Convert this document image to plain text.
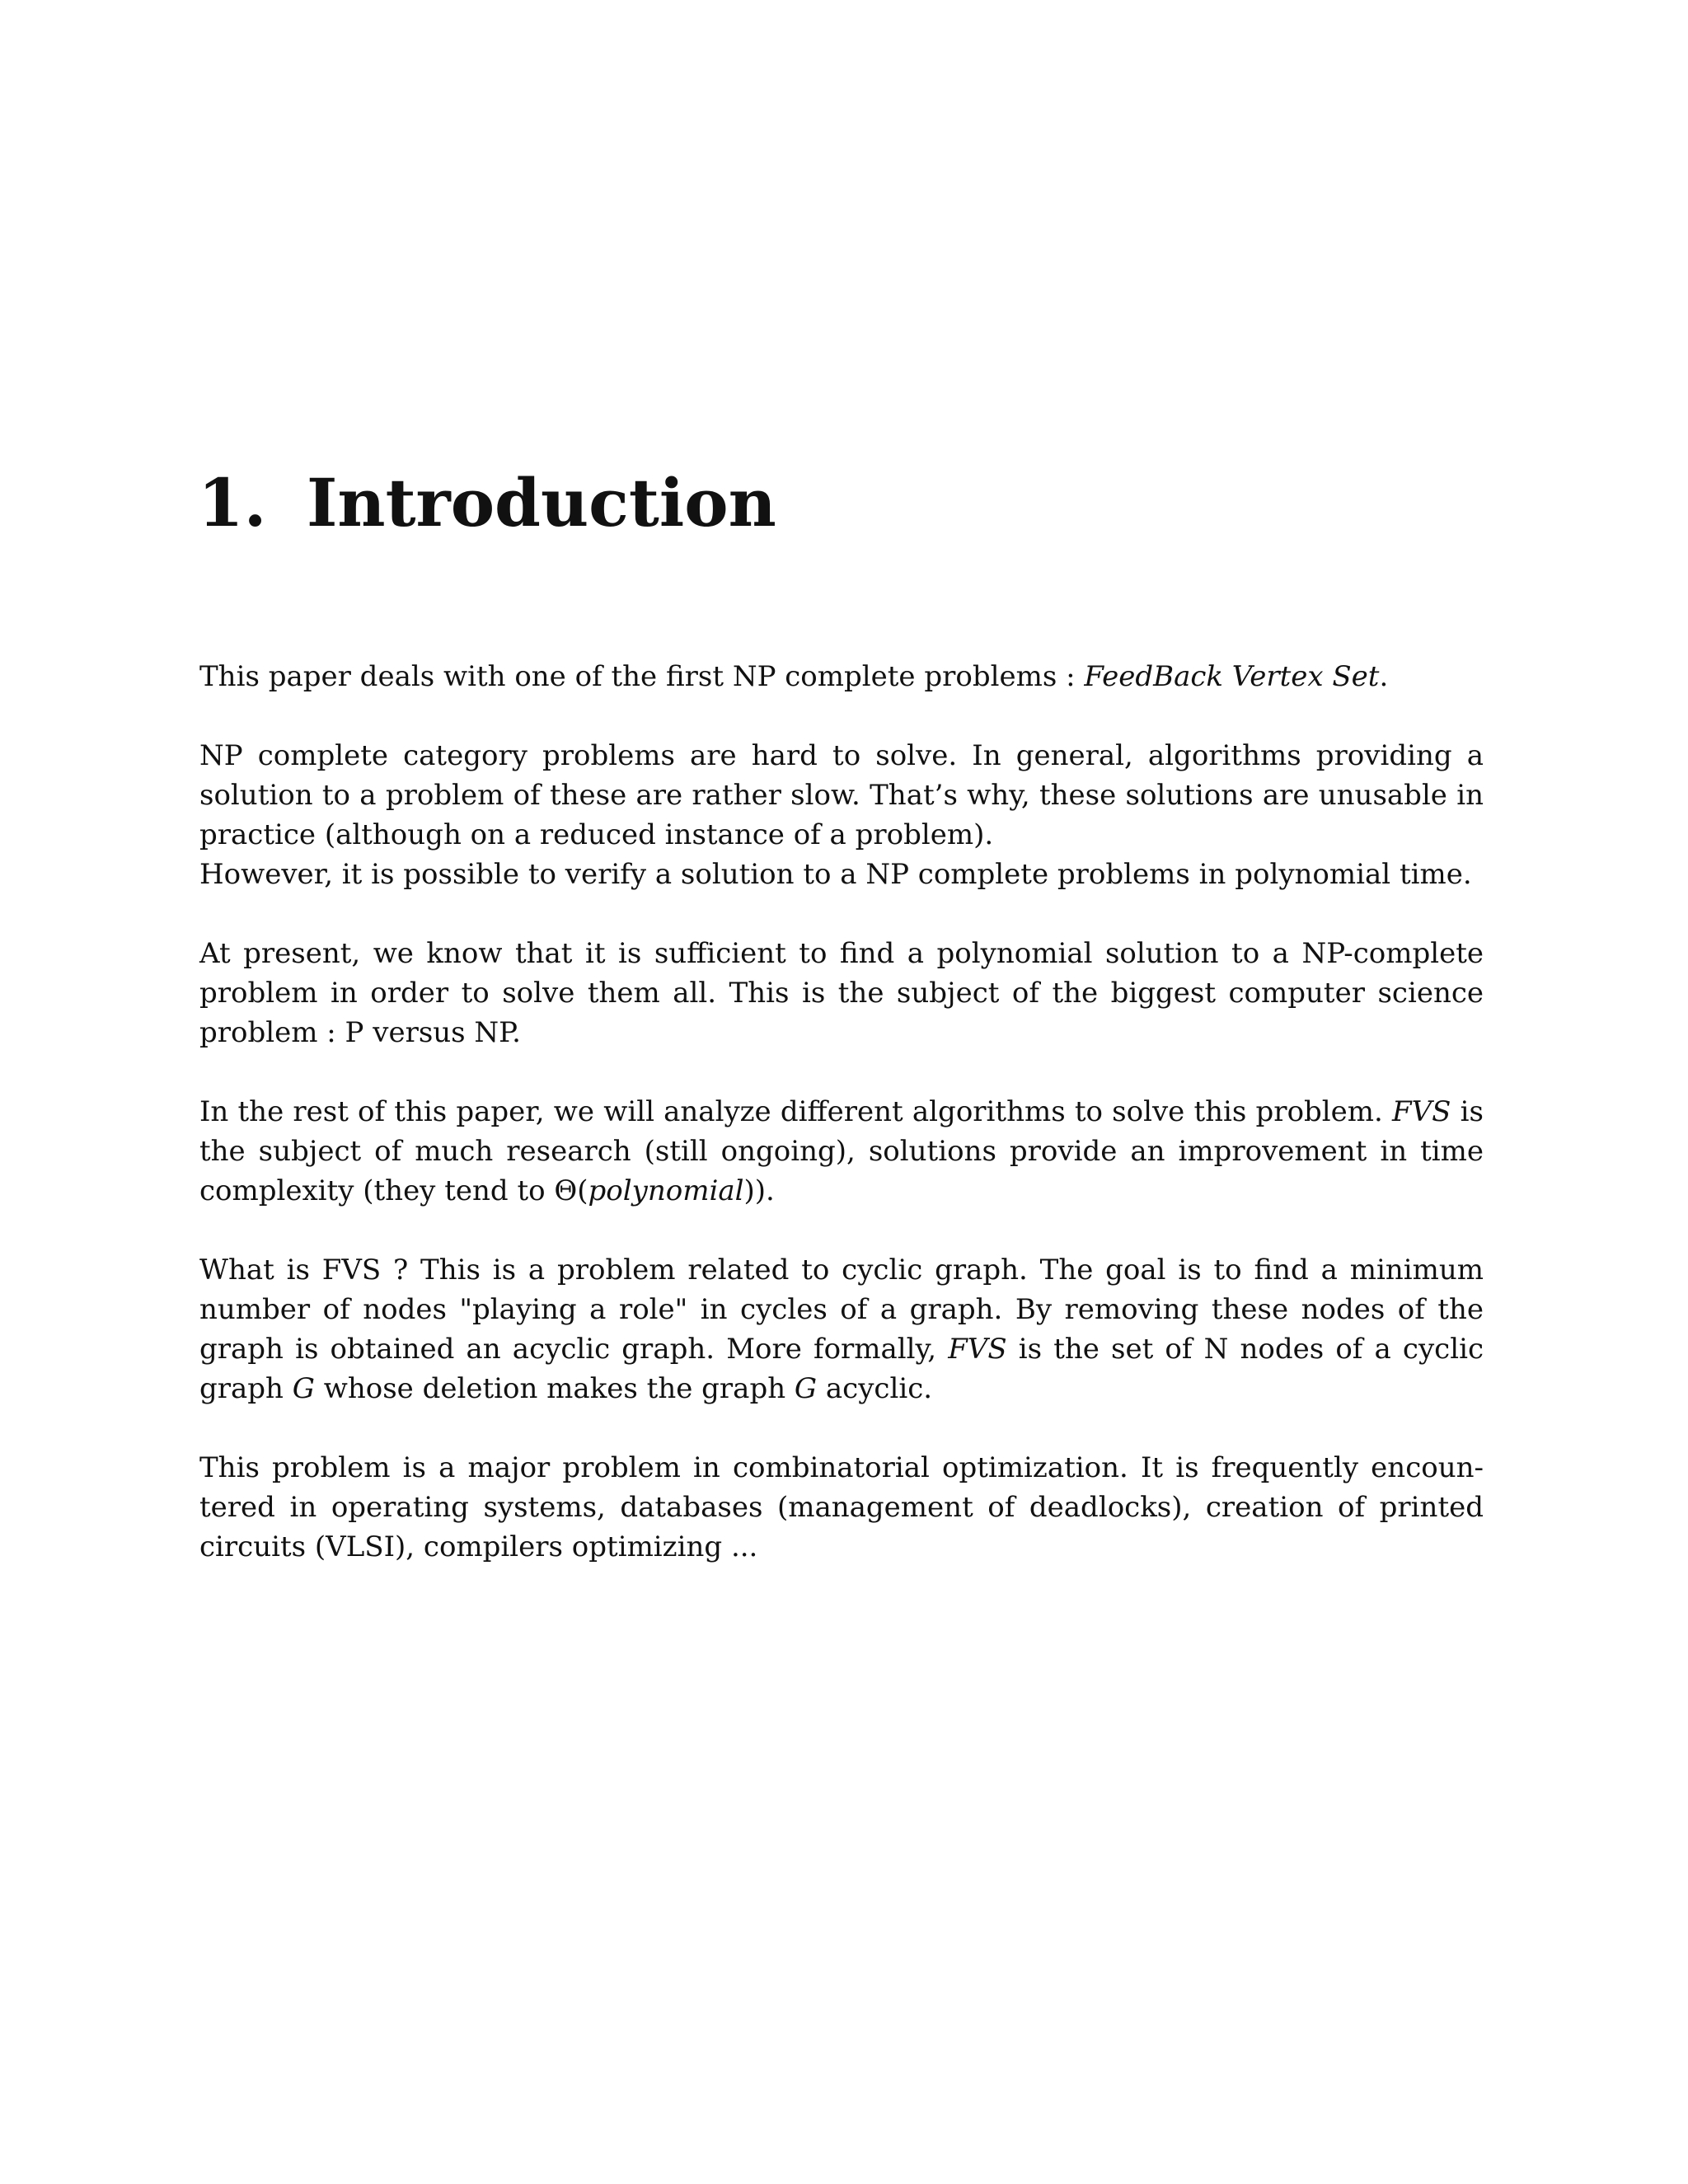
1. Introduction

This paper deals with one of the first NP complete problems : FeedBack Vertex Set.

NP complete category problems are hard to solve. In general, algorithms providing a solution to a problem of these are rather slow. That’s why, these solutions are unusable in practice (although on a reduced instance of a problem).
However, it is possible to verify a solution to a NP complete problems in polynomial time.

At present, we know that it is sufficient to find a polynomial solution to a NP-complete problem in order to solve them all. This is the subject of the biggest computer science problem : P versus NP.

In the rest of this paper, we will analyze different algorithms to solve this problem. FVS is the subject of much research (still ongoing), solutions provide an improvement in time complexity (they tend to Θ(polynomial)).

What is FVS ? This is a problem related to cyclic graph. The goal is to find a minimum number of nodes "playing a role" in cycles of a graph. By removing these nodes of the graph is obtained an acyclic graph. More formally, FVS is the set of N nodes of a cyclic graph G whose deletion makes the graph G acyclic.

This problem is a major problem in combinatorial optimization. It is frequently encountered in operating systems, databases (management of deadlocks), creation of printed circuits (VLSI), compilers optimizing ...
